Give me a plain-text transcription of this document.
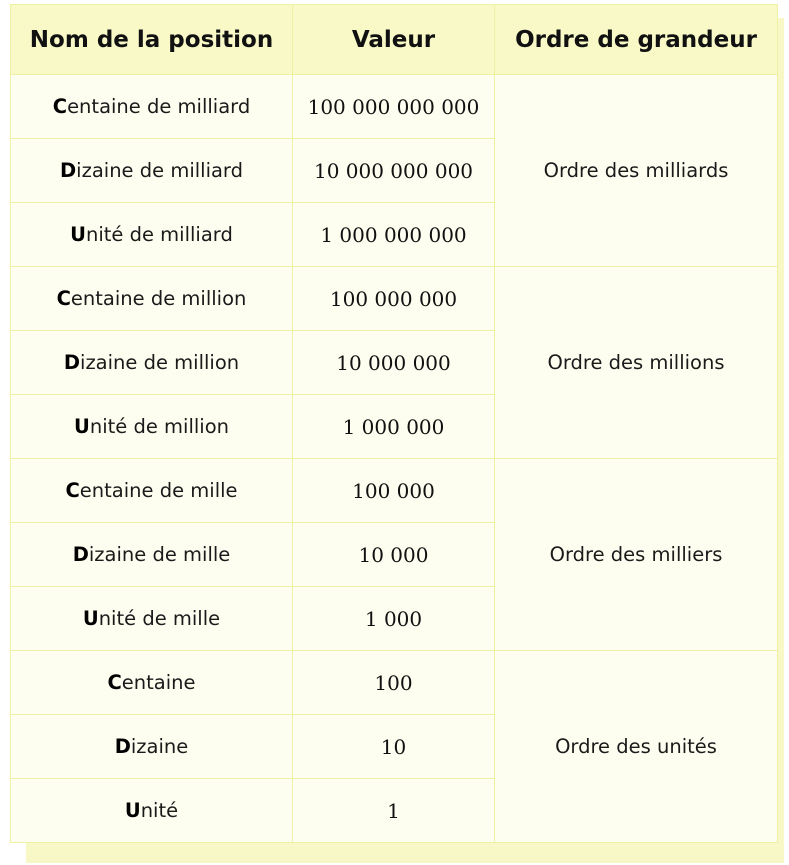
Nom de la position	Valeur	Ordre de grandeur
Centaine de milliard	100 000 000 000	Ordre des milliards
Dizaine de milliard	10 000 000 000	
Unité de milliard	1 000 000 000	
Centaine de million	100 000 000	Ordre des millions
Dizaine de million	10 000 000	
Unité de million	1 000 000	
Centaine de mille	100 000	Ordre des milliers
Dizaine de mille	10 000	
Unité de mille	1 000	
Centaine	100	Ordre des unités
Dizaine	10	
Unité	1	
